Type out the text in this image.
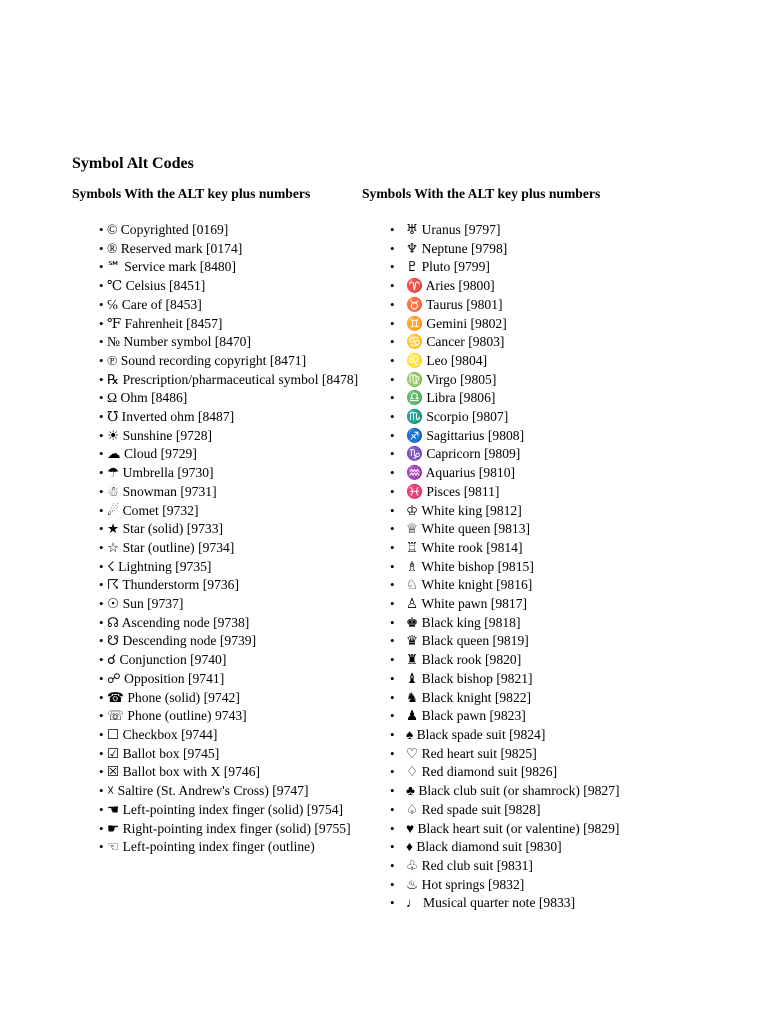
Symbol Alt Codes

Symbols With the ALT key plus numbers

• © Copyrighted [0169]
• ® Reserved mark [0174]
• ℠ Service mark [8480]
• ℃ Celsius [8451]
• ℅ Care of [8453]
• ℉ Fahrenheit [8457]
• № Number symbol [8470]
• ℗ Sound recording copyright [8471]
• ℞ Prescription/pharmaceutical symbol [8478]
• Ω Ohm [8486]
• ℧ Inverted ohm [8487]
• ☀ Sunshine [9728]
• ☁ Cloud [9729]
• ☂ Umbrella [9730]
• ☃ Snowman [9731]
• ☄ Comet [9732]
• ★ Star (solid) [9733]
• ☆ Star (outline) [9734]
• ☇ Lightning [9735]
• ☈ Thunderstorm [9736]
• ☉ Sun [9737]
• ☊ Ascending node [9738]
• ☋ Descending node [9739]
• ☌ Conjunction [9740]
• ☍ Opposition [9741]
• ☎ Phone (solid) [9742]
• ☏ Phone (outline) 9743]
• ☐ Checkbox [9744]
• ☑ Ballot box [9745]
• ☒ Ballot box with X [9746]
• ☓ Saltire (St. Andrew's Cross) [9747]
• ☚ Left-pointing index finger (solid) [9754]
• ☛ Right-pointing index finger (solid) [9755]
• ☜ Left-pointing index finger (outline)

Symbols With the ALT key plus numbers

• ♅ Uranus [9797]
• ♆ Neptune [9798]
• ♇ Pluto [9799]
• ♈ Aries [9800]
• ♉ Taurus [9801]
• ♊ Gemini [9802]
• ♋ Cancer [9803]
• ♌ Leo [9804]
• ♍ Virgo [9805]
• ♎ Libra [9806]
• ♏ Scorpio [9807]
• ♐ Sagittarius [9808]
• ♑ Capricorn [9809]
• ♒ Aquarius [9810]
• ♓ Pisces [9811]
• ♔ White king [9812]
• ♕ White queen [9813]
• ♖ White rook [9814]
• ♗ White bishop [9815]
• ♘ White knight [9816]
• ♙ White pawn [9817]
• ♚ Black king [9818]
• ♛ Black queen [9819]
• ♜ Black rook [9820]
• ♝ Black bishop [9821]
• ♞ Black knight [9822]
• ♟ Black pawn [9823]
• ♠ Black spade suit [9824]
• ♡ Red heart suit [9825]
• ♢ Red diamond suit [9826]
• ♣ Black club suit (or shamrock) [9827]
• ♤ Red spade suit [9828]
• ♥ Black heart suit (or valentine) [9829]
• ♦ Black diamond suit [9830]
• ♧ Red club suit [9831]
• ♨ Hot springs [9832]
• ♩ Musical quarter note [9833]
